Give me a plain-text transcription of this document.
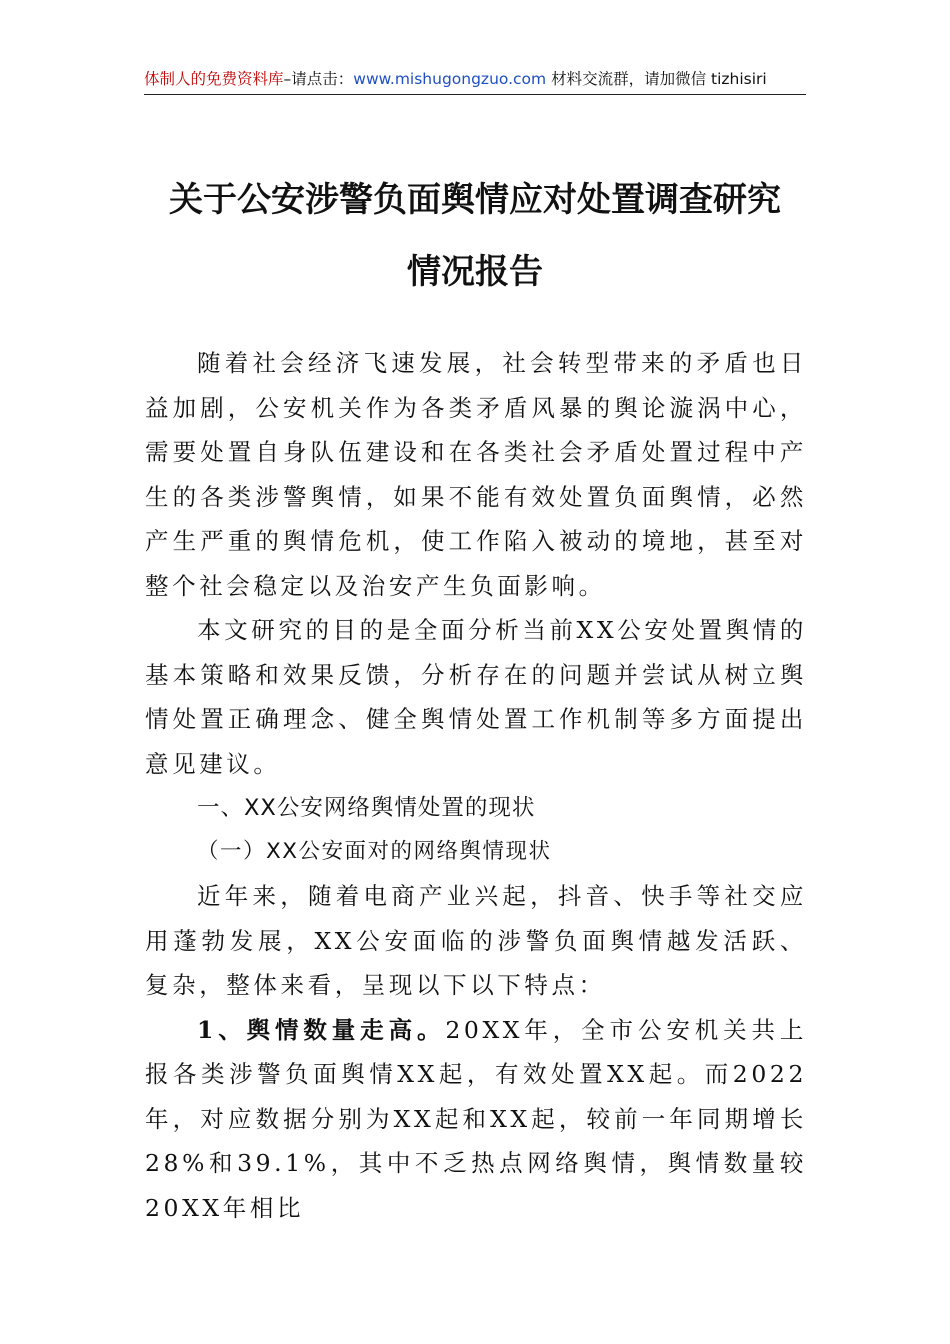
体制人的免费资料库–请点击：www.mishugongzuo.com 材料交流群，请加微信 tizhisiri
关于公安涉警负面舆情应对处置调查研究
情况报告

随着社会经济飞速发展，社会转型带来的矛盾也日益加剧，公安机关作为各类矛盾风暴的舆论漩涡中心，需要处置自身队伍建设和在各类社会矛盾处置过程中产生的各类涉警舆情，如果不能有效处置负面舆情，必然产生严重的舆情危机，使工作陷入被动的境地，甚至对整个社会稳定以及治安产生负面影响。

本文研究的目的是全面分析当前XX公安处置舆情的基本策略和效果反馈，分析存在的问题并尝试从树立舆情处置正确理念、健全舆情处置工作机制等多方面提出意见建议。

一、XX公安网络舆情处置的现状

（一）XX公安面对的网络舆情现状

近年来，随着电商产业兴起，抖音、快手等社交应用蓬勃发展，XX公安面临的涉警负面舆情越发活跃、复杂，整体来看，呈现以下以下特点：

1、舆情数量走高。20XX年，全市公安机关共上报各类涉警负面舆情XX起，有效处置XX起。而2022年，对应数据分别为XX起和XX起，较前一年同期增长28%和39.1%，其中不乏热点网络舆情，舆情数量较20XX年相比
